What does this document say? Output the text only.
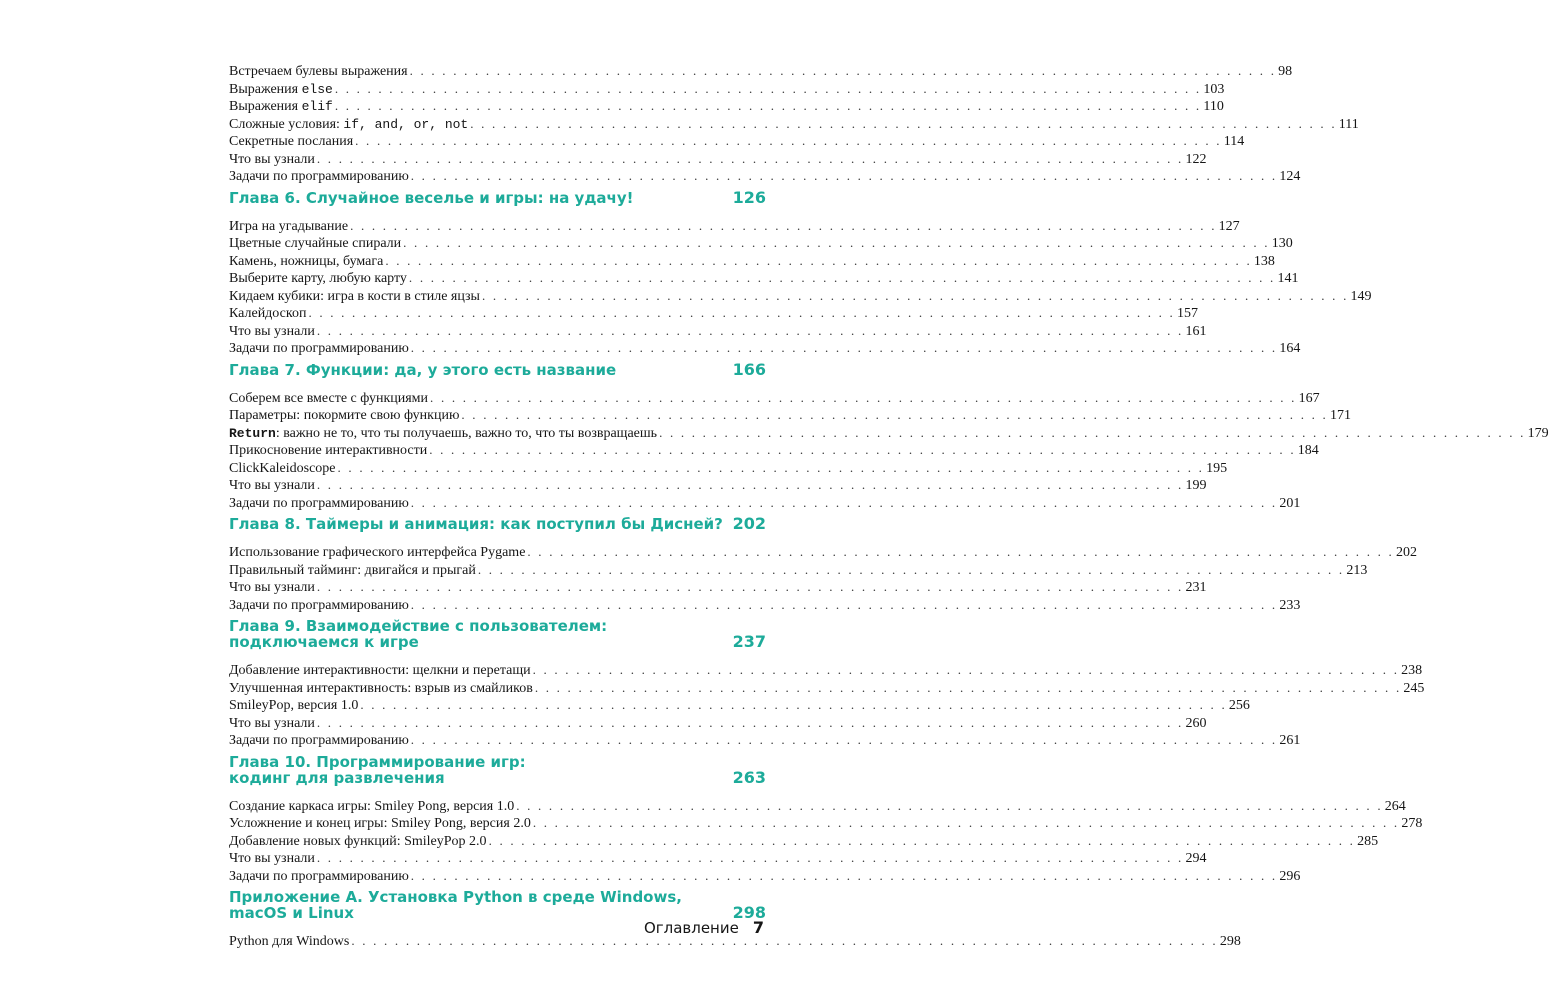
Встречаем булевы выражения . . . . . . . . . . . . . . . . . . . . . . . . . . . . . . . . . . . . . . . . . . . . . . . . . . . . . . . . . . . . . . . . . . . . . . . . . . . . . . . . 98
Выражения else . . . . . . . . . . . . . . . . . . . . . . . . . . . . . . . . . . . . . . . . . . . . . . . . . . . . . . . . . . . . . . . . . . . . . . . . . . . . . . . . 103
Выражения elif . . . . . . . . . . . . . . . . . . . . . . . . . . . . . . . . . . . . . . . . . . . . . . . . . . . . . . . . . . . . . . . . . . . . . . . . . . . . . . . . 110
Сложные условия: if, and, or, not . . . . . . . . . . . . . . . . . . . . . . . . . . . . . . . . . . . . . . . . . . . . . . . . . . . . . . . . . . . . . . . . . . . . . . . . . . . . . . . . 111
Секретные послания . . . . . . . . . . . . . . . . . . . . . . . . . . . . . . . . . . . . . . . . . . . . . . . . . . . . . . . . . . . . . . . . . . . . . . . . . . . . . . . . 114
Что вы узнали . . . . . . . . . . . . . . . . . . . . . . . . . . . . . . . . . . . . . . . . . . . . . . . . . . . . . . . . . . . . . . . . . . . . . . . . . . . . . . . . 122
Задачи по программированию . . . . . . . . . . . . . . . . . . . . . . . . . . . . . . . . . . . . . . . . . . . . . . . . . . . . . . . . . . . . . . . . . . . . . . . . . . . . . . . . 124
Глава 6. Случайное веселье и игры: на удачу!	126
Игра на угадывание . . . . . . . . . . . . . . . . . . . . . . . . . . . . . . . . . . . . . . . . . . . . . . . . . . . . . . . . . . . . . . . . . . . . . . . . . . . . . . . . 127
Цветные случайные спирали . . . . . . . . . . . . . . . . . . . . . . . . . . . . . . . . . . . . . . . . . . . . . . . . . . . . . . . . . . . . . . . . . . . . . . . . . . . . . . . . 130
Камень, ножницы, бумага . . . . . . . . . . . . . . . . . . . . . . . . . . . . . . . . . . . . . . . . . . . . . . . . . . . . . . . . . . . . . . . . . . . . . . . . . . . . . . . . 138
Выберите карту, любую карту . . . . . . . . . . . . . . . . . . . . . . . . . . . . . . . . . . . . . . . . . . . . . . . . . . . . . . . . . . . . . . . . . . . . . . . . . . . . . . . . 141
Кидаем кубики: игра в кости в стиле яцзы . . . . . . . . . . . . . . . . . . . . . . . . . . . . . . . . . . . . . . . . . . . . . . . . . . . . . . . . . . . . . . . . . . . . . . . . . . . . . . . . 149
Калейдоскоп . . . . . . . . . . . . . . . . . . . . . . . . . . . . . . . . . . . . . . . . . . . . . . . . . . . . . . . . . . . . . . . . . . . . . . . . . . . . . . . . 157
Что вы узнали . . . . . . . . . . . . . . . . . . . . . . . . . . . . . . . . . . . . . . . . . . . . . . . . . . . . . . . . . . . . . . . . . . . . . . . . . . . . . . . . 161
Задачи по программированию . . . . . . . . . . . . . . . . . . . . . . . . . . . . . . . . . . . . . . . . . . . . . . . . . . . . . . . . . . . . . . . . . . . . . . . . . . . . . . . . 164
Глава 7. Функции: да, у этого есть название	166
Соберем все вместе с функциями . . . . . . . . . . . . . . . . . . . . . . . . . . . . . . . . . . . . . . . . . . . . . . . . . . . . . . . . . . . . . . . . . . . . . . . . . . . . . . . . 167
Параметры: покормите свою функцию . . . . . . . . . . . . . . . . . . . . . . . . . . . . . . . . . . . . . . . . . . . . . . . . . . . . . . . . . . . . . . . . . . . . . . . . . . . . . . . . 171
Return: важно не то, что ты получаешь, важно то, что ты возвращаешь . . . . . . . . . . . . . . . . . . . . . . . . . . . . . . . . . . . . . . . . . . . . . . . . . . . . . . . . . . . . . . . . . . . . . . . . . . . . . . . . 179
Прикосновение интерактивности . . . . . . . . . . . . . . . . . . . . . . . . . . . . . . . . . . . . . . . . . . . . . . . . . . . . . . . . . . . . . . . . . . . . . . . . . . . . . . . . 184
ClickKaleidoscope . . . . . . . . . . . . . . . . . . . . . . . . . . . . . . . . . . . . . . . . . . . . . . . . . . . . . . . . . . . . . . . . . . . . . . . . . . . . . . . . 195
Что вы узнали . . . . . . . . . . . . . . . . . . . . . . . . . . . . . . . . . . . . . . . . . . . . . . . . . . . . . . . . . . . . . . . . . . . . . . . . . . . . . . . . 199
Задачи по программированию . . . . . . . . . . . . . . . . . . . . . . . . . . . . . . . . . . . . . . . . . . . . . . . . . . . . . . . . . . . . . . . . . . . . . . . . . . . . . . . . 201
Глава 8. Таймеры и анимация: как поступил бы Дисней? 202
Использование графического интерфейса Pygame . . . . . . . . . . . . . . . . . . . . . . . . . . . . . . . . . . . . . . . . . . . . . . . . . . . . . . . . . . . . . . . . . . . . . . . . . . . . . . . . 202
Правильный тайминг: двигайся и прыгай . . . . . . . . . . . . . . . . . . . . . . . . . . . . . . . . . . . . . . . . . . . . . . . . . . . . . . . . . . . . . . . . . . . . . . . . . . . . . . . . 213
Что вы узнали . . . . . . . . . . . . . . . . . . . . . . . . . . . . . . . . . . . . . . . . . . . . . . . . . . . . . . . . . . . . . . . . . . . . . . . . . . . . . . . . 231
Задачи по программированию . . . . . . . . . . . . . . . . . . . . . . . . . . . . . . . . . . . . . . . . . . . . . . . . . . . . . . . . . . . . . . . . . . . . . . . . . . . . . . . . 233
Глава 9. Взаимодействие с пользователем:
подключаемся к игре	237
Добавление интерактивности: щелкни и перетащи . . . . . . . . . . . . . . . . . . . . . . . . . . . . . . . . . . . . . . . . . . . . . . . . . . . . . . . . . . . . . . . . . . . . . . . . . . . . . . . . 238
Улучшенная интерактивность: взрыв из смайликов . . . . . . . . . . . . . . . . . . . . . . . . . . . . . . . . . . . . . . . . . . . . . . . . . . . . . . . . . . . . . . . . . . . . . . . . . . . . . . . . 245
SmileyPop, версия 1.0 . . . . . . . . . . . . . . . . . . . . . . . . . . . . . . . . . . . . . . . . . . . . . . . . . . . . . . . . . . . . . . . . . . . . . . . . . . . . . . . . 256
Что вы узнали . . . . . . . . . . . . . . . . . . . . . . . . . . . . . . . . . . . . . . . . . . . . . . . . . . . . . . . . . . . . . . . . . . . . . . . . . . . . . . . . 260
Задачи по программированию . . . . . . . . . . . . . . . . . . . . . . . . . . . . . . . . . . . . . . . . . . . . . . . . . . . . . . . . . . . . . . . . . . . . . . . . . . . . . . . . 261
Глава 10. Программирование игр:
кодинг для развлечения	263
Создание каркаса игры: Smiley Pong, версия 1.0 . . . . . . . . . . . . . . . . . . . . . . . . . . . . . . . . . . . . . . . . . . . . . . . . . . . . . . . . . . . . . . . . . . . . . . . . . . . . . . . . 264
Усложнение и конец игры: Smiley Pong, версия 2.0 . . . . . . . . . . . . . . . . . . . . . . . . . . . . . . . . . . . . . . . . . . . . . . . . . . . . . . . . . . . . . . . . . . . . . . . . . . . . . . . . 278
Добавление новых функций: SmileyPop 2.0 . . . . . . . . . . . . . . . . . . . . . . . . . . . . . . . . . . . . . . . . . . . . . . . . . . . . . . . . . . . . . . . . . . . . . . . . . . . . . . . . 285
Что вы узнали . . . . . . . . . . . . . . . . . . . . . . . . . . . . . . . . . . . . . . . . . . . . . . . . . . . . . . . . . . . . . . . . . . . . . . . . . . . . . . . . 294
Задачи по программированию . . . . . . . . . . . . . . . . . . . . . . . . . . . . . . . . . . . . . . . . . . . . . . . . . . . . . . . . . . . . . . . . . . . . . . . . . . . . . . . . 296
Приложение А. Установка Python в среде Windows,
macOS и Linux	298
Python для Windows . . . . . . . . . . . . . . . . . . . . . . . . . . . . . . . . . . . . . . . . . . . . . . . . . . . . . . . . . . . . . . . . . . . . . . . . . . . . . . . . 298
Оглавление 7
